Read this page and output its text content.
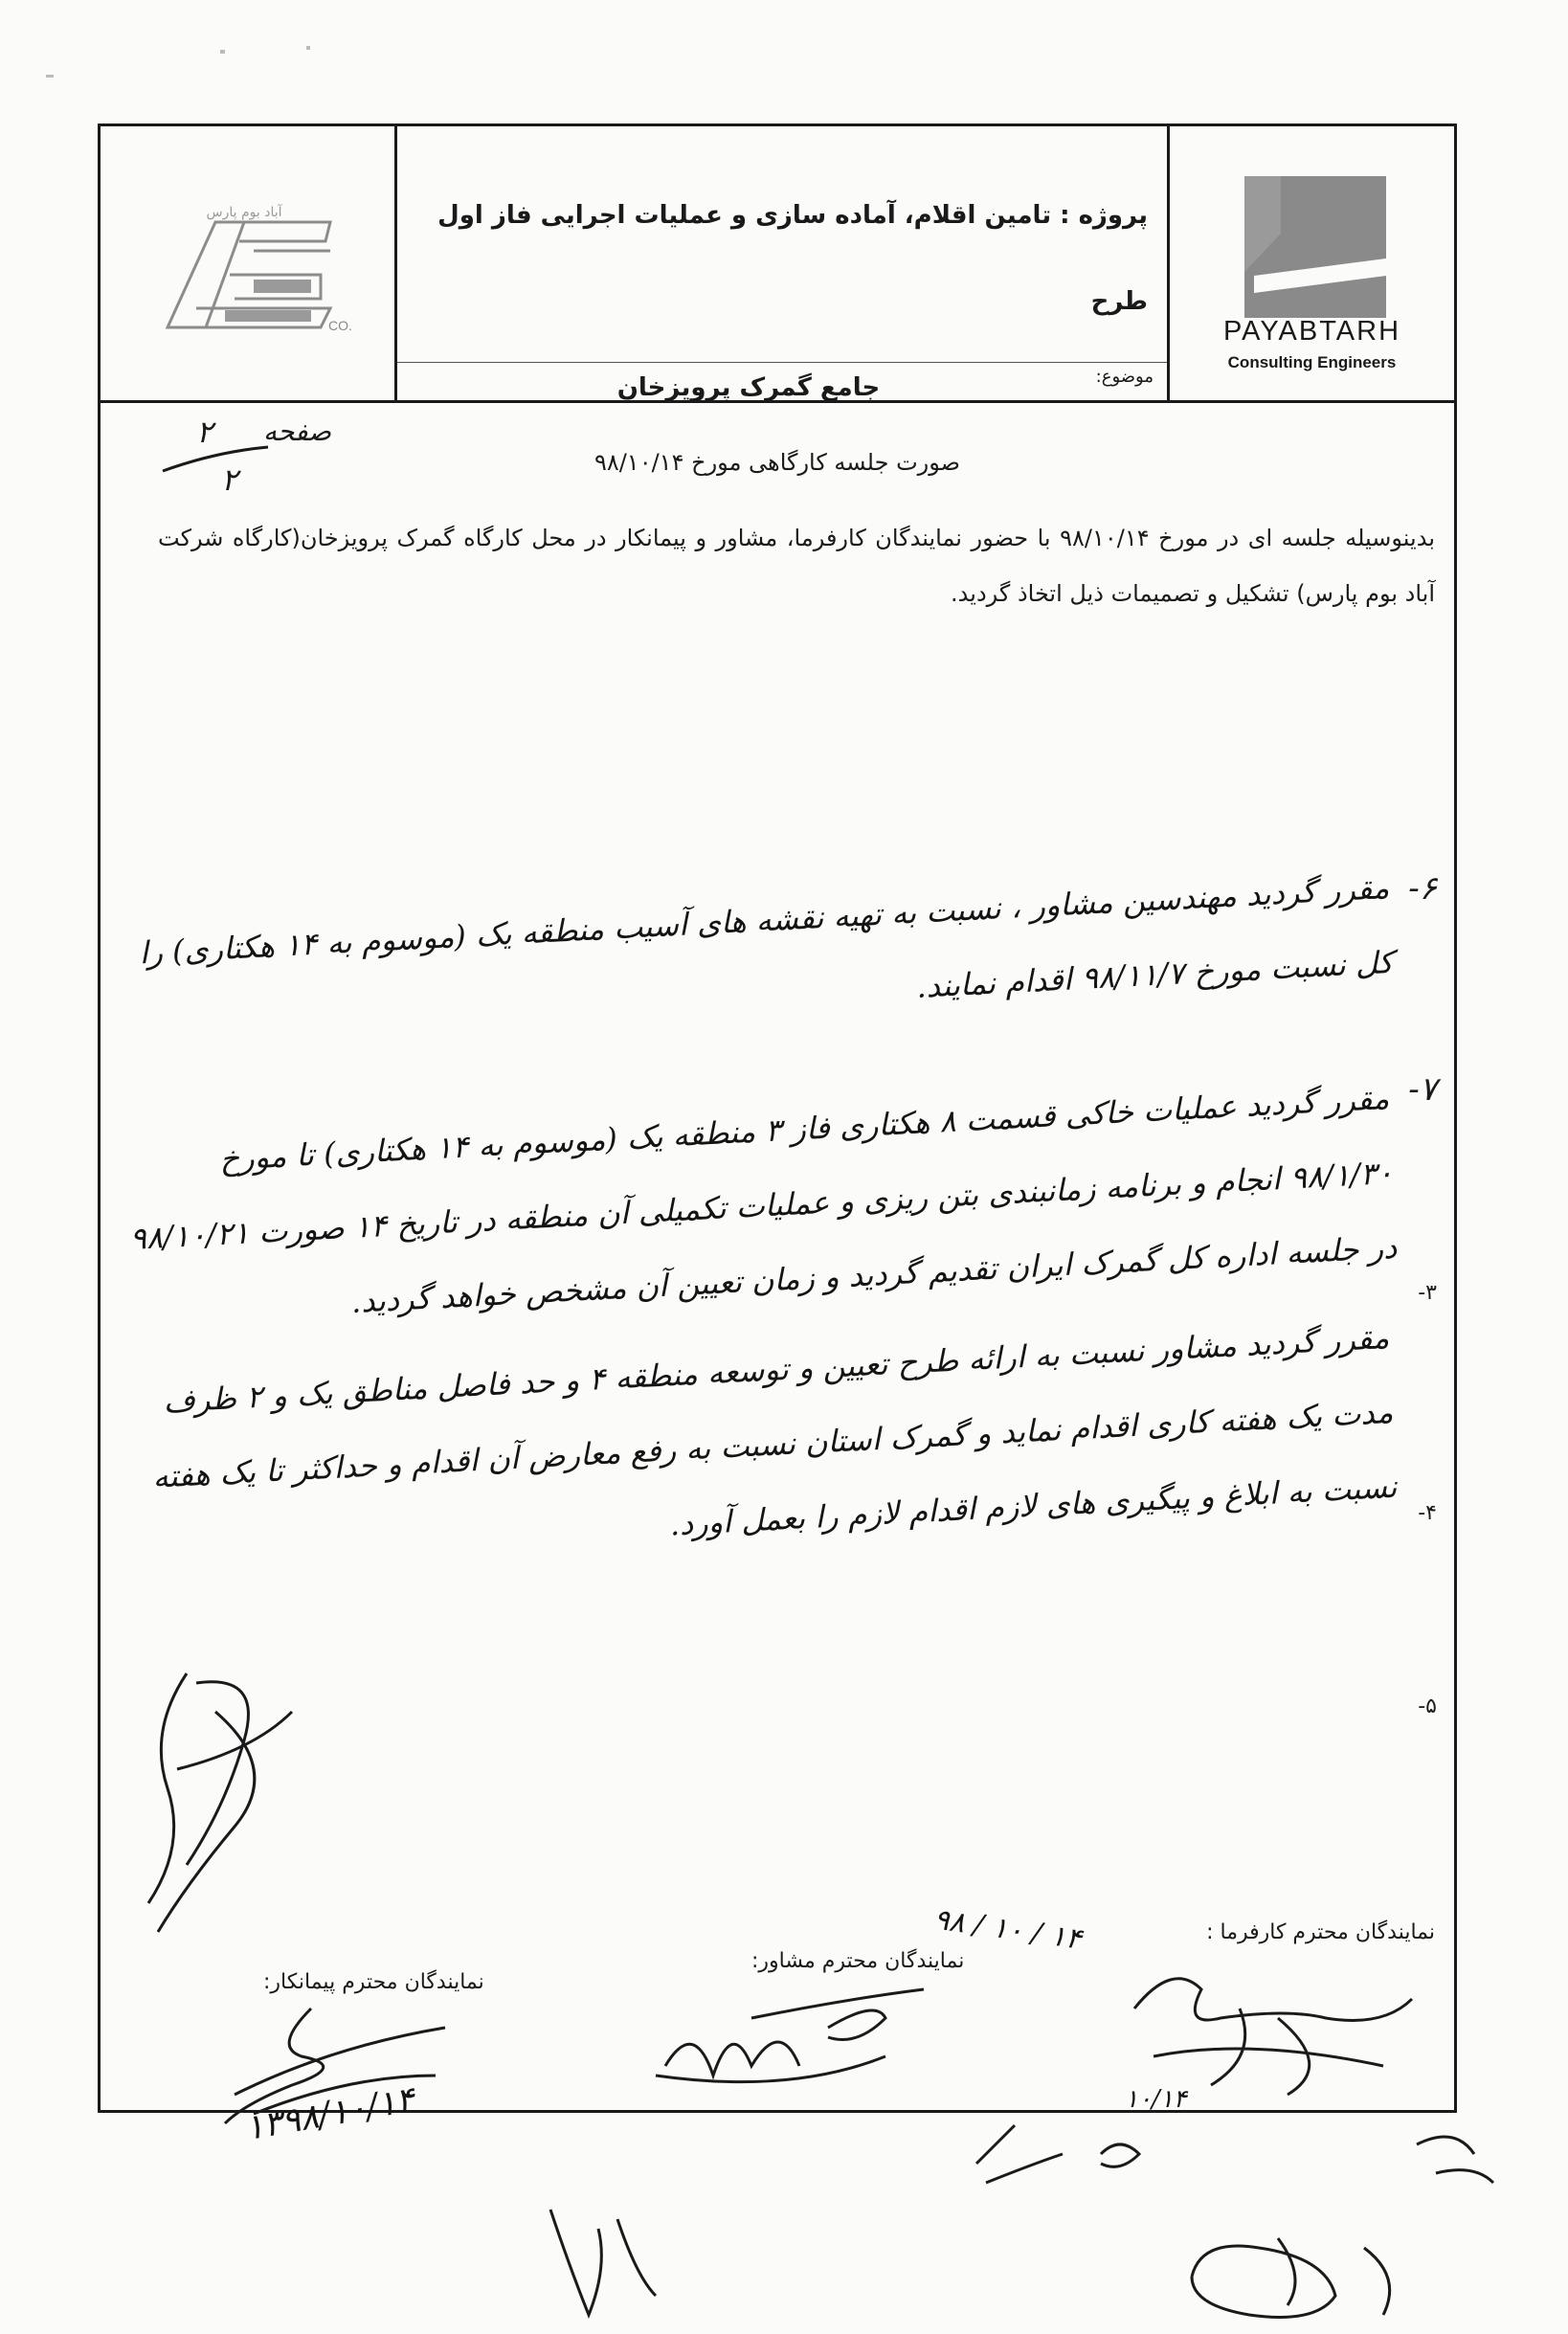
آباد بوم پارس
CO.
پروژه : تامین اقلام، آماده سازی و عملیات اجرایی فاز اول طرح
جامع گمرک پرویزخان	موضوع:
PAYABTARH
Consulting Engineers
صفحه
۲
۲	صورت جلسه کارگاهی مورخ ۹۸/۱۰/۱۴
بدینوسیله جلسه ای در مورخ ۹۸/۱۰/۱۴ با حضور نمایندگان کارفرما، مشاور و پیمانکار در محل کارگاه گمرک پرویزخان(کارگاه شرکت آباد بوم پارس) تشکیل و تصمیمات ذیل اتخاذ گردید.
۶-
مقرر گردید مهندسین مشاور ، نسبت به تهیه نقشه های آسیب منطقه یک (موسوم به ۱۴ هکتاری) را کل نسبت مورخ ۹۸/۱۱/۷ اقدام نمایند.
۷-
مقرر گردید عملیات خاکی قسمت ۸ هکتاری فاز ۳ منطقه یک (موسوم به ۱۴ هکتاری) تا مورخ ۹۸/۱/۳۰ انجام و برنامه زمانبندی بتن ریزی و عملیات تکمیلی آن منطقه در تاریخ ۱۴ صورت ۹۸/۱۰/۲۱ در جلسه اداره کل گمرک ایران تقدیم گردید و زمان تعیین آن مشخص خواهد گردید. ۳-
مقرر گردید مشاور نسبت به ارائه طرح تعیین و توسعه منطقه ۴ و حد فاصل مناطق یک و ۲ ظرف مدت یک هفته کاری اقدام نماید و گمرک استان نسبت به رفع معارض آن اقدام و حداکثر تا یک هفته نسبت به ابلاغ و پیگیری های لازم اقدام لازم را بعمل آورد. ۴-
۵-
نمایندگان محترم کارفرما :
نمایندگان محترم مشاور:
نمایندگان محترم پیمانکار:
۱۴ / ۱۰ / ۹۸
۱۰/۱۴
۱۳۹۸/۱۰/۱۴
